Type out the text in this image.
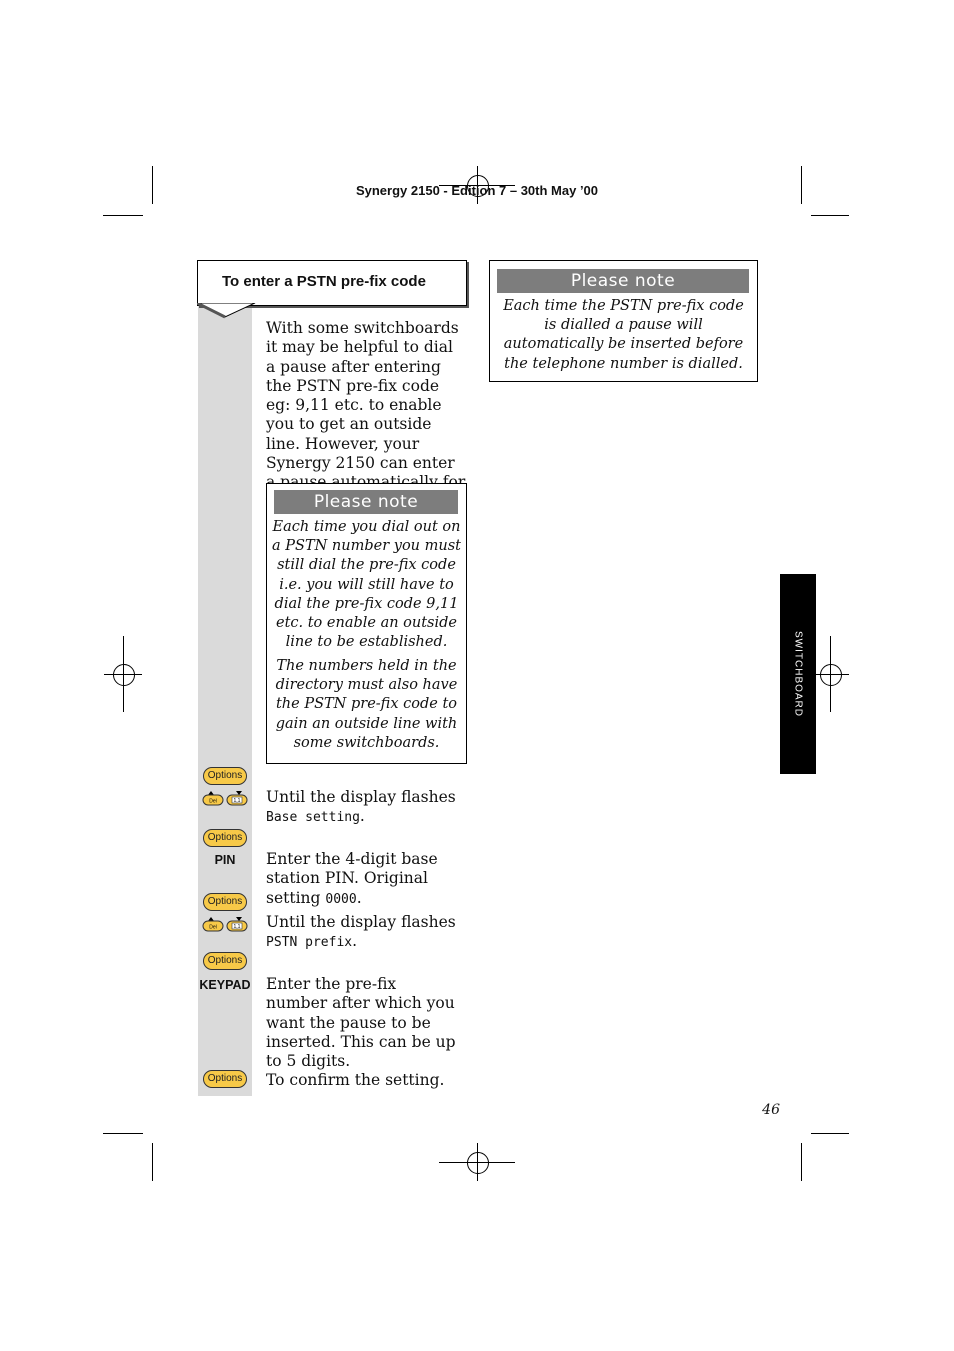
Synergy 2150 - Edition 7 – 30th May ’00
To enter a PSTN pre-fix code
With some switchboards it may be helpful to dial a pause after entering the PSTN pre-fix code eg: 9,11 etc. to enable you to get an outside line. However, your Synergy 2150 can enter
Please note
Each time you dial out on a PSTN number you must still dial the pre-fix code i.e. you will still have to dial the pre-fix code 9,11 etc. to enable an outside line to be established.
The numbers held in the directory must also have the PSTN pre-fix code to gain an outside line with some switchboards.
Please note
Each time the PSTN pre-fix code is dialled a pause will automatically be inserted before the telephone number is dialled.
Options
Del	1,1 Until the display flashes
Base setting.
Options
PIN	Enter the 4-digit base station PIN. Original setting 0000.
Options
Del	1,1 Until the display flashes
PSTN prefix.
Options
KEYPAD Enter the pre-fix number after which you want the pause to be inserted. This can be up to 5 digits.
Options	To confirm the setting.
SWITCHBOARD
46
